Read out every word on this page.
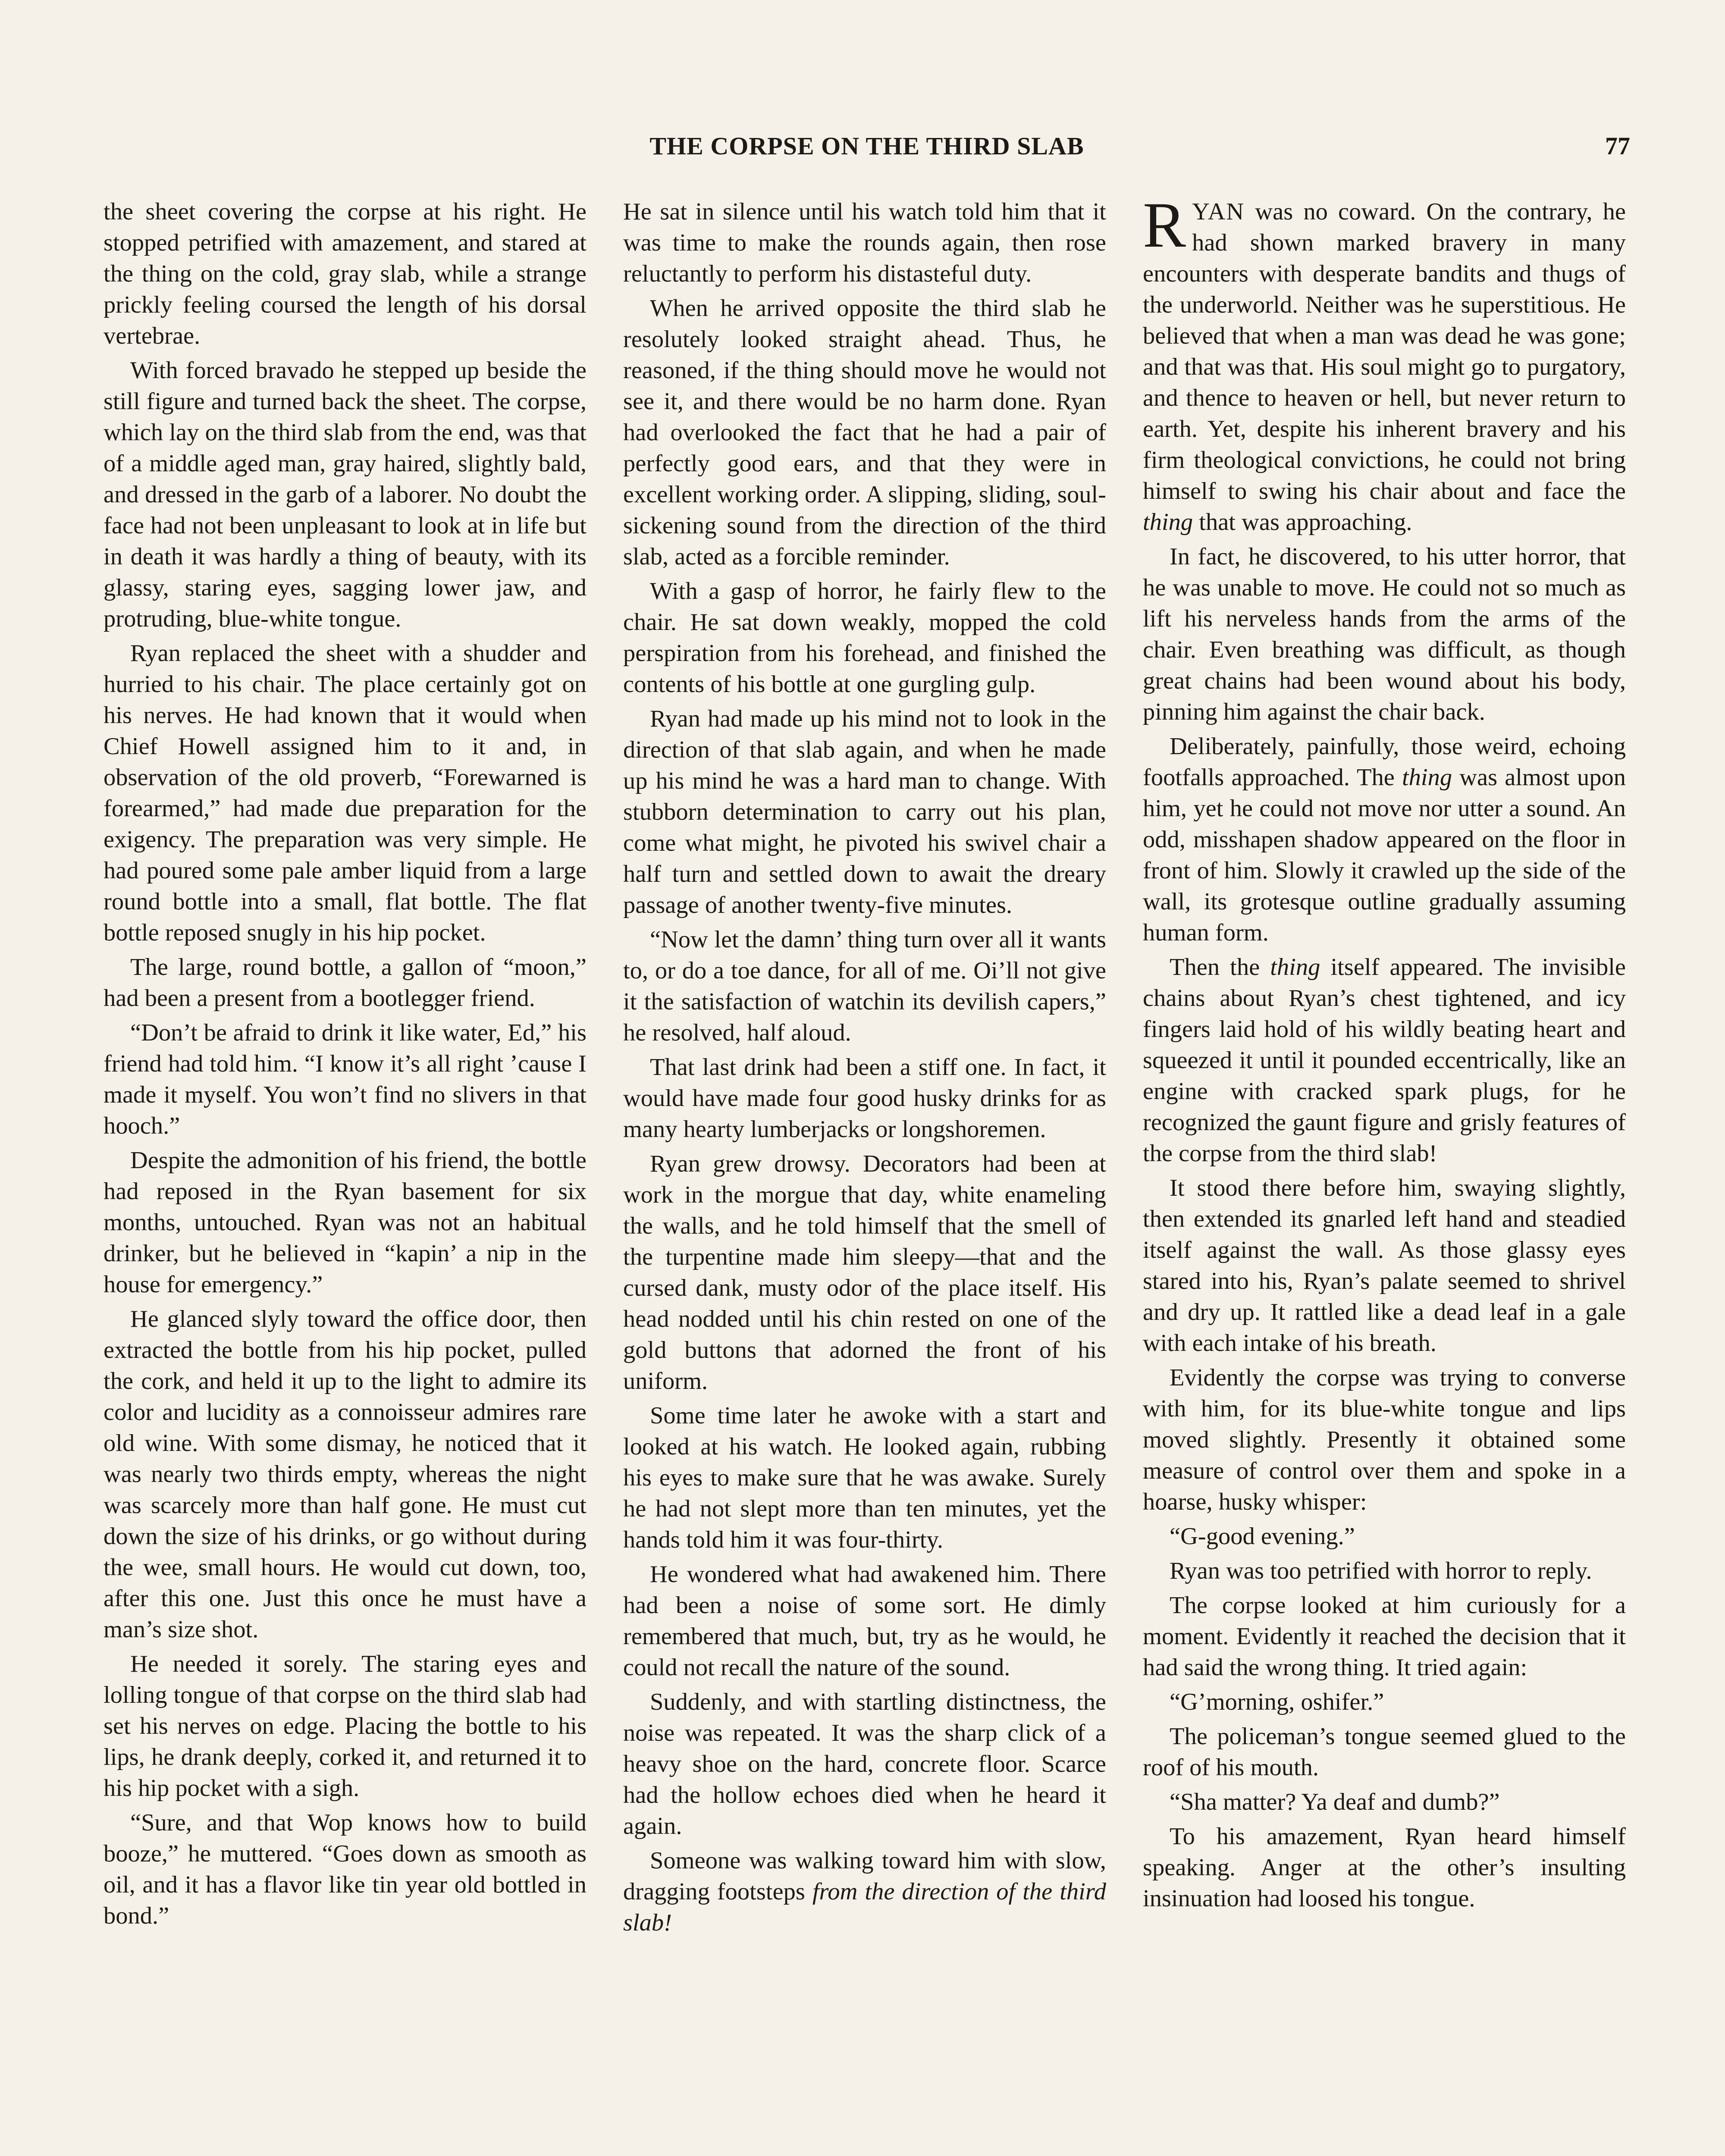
THE CORPSE ON THE THIRD SLAB	77

the sheet covering the corpse at his right. He stopped petrified with amazement, and stared at the thing on the cold, gray slab, while a strange prickly feeling coursed the length of his dorsal vertebrae.

With forced bravado he stepped up beside the still figure and turned back the sheet. The corpse, which lay on the third slab from the end, was that of a middle aged man, gray haired, slightly bald, and dressed in the garb of a laborer. No doubt the face had not been unpleasant to look at in life but in death it was hardly a thing of beauty, with its glassy, staring eyes, sagging lower jaw, and protruding, blue-white tongue.

Ryan replaced the sheet with a shudder and hurried to his chair. The place certainly got on his nerves. He had known that it would when Chief Howell assigned him to it and, in observation of the old proverb, “Forewarned is forearmed,” had made due preparation for the exigency. The preparation was very simple. He had poured some pale amber liquid from a large round bottle into a small, flat bottle. The flat bottle reposed snugly in his hip pocket.

The large, round bottle, a gallon of “moon,” had been a present from a bootlegger friend.

“Don’t be afraid to drink it like water, Ed,” his friend had told him. “I know it’s all right ’cause I made it myself. You won’t find no slivers in that hooch.”

Despite the admonition of his friend, the bottle had reposed in the Ryan basement for six months, untouched. Ryan was not an habitual drinker, but he believed in “kapin’ a nip in the house for emergency.”

He glanced slyly toward the office door, then extracted the bottle from his hip pocket, pulled the cork, and held it up to the light to admire its color and lucidity as a connoisseur admires rare old wine. With some dismay, he noticed that it was nearly two thirds empty, whereas the night was scarcely more than half gone. He must cut down the size of his drinks, or go without during the wee, small hours. He would cut down, too, after this one. Just this once he must have a man’s size shot.

He needed it sorely. The staring eyes and lolling tongue of that corpse on the third slab had set his nerves on edge. Placing the bottle to his lips, he drank deeply, corked it, and returned it to his hip pocket with a sigh.

“Sure, and that Wop knows how to build booze,” he muttered. “Goes down as smooth as oil, and it has a flavor like tin year old bottled in bond.”

He sat in silence until his watch told him that it was time to make the rounds again, then rose reluctantly to perform his distasteful duty.

When he arrived opposite the third slab he resolutely looked straight ahead. Thus, he reasoned, if the thing should move he would not see it, and there would be no harm done. Ryan had overlooked the fact that he had a pair of perfectly good ears, and that they were in excellent working order. A slipping, sliding, soul-sickening sound from the direction of the third slab, acted as a forcible reminder.

With a gasp of horror, he fairly flew to the chair. He sat down weakly, mopped the cold perspiration from his forehead, and finished the contents of his bottle at one gurgling gulp.

Ryan had made up his mind not to look in the direction of that slab again, and when he made up his mind he was a hard man to change. With stubborn determination to carry out his plan, come what might, he pivoted his swivel chair a half turn and settled down to await the dreary passage of another twenty-five minutes.

“Now let the damn’ thing turn over all it wants to, or do a toe dance, for all of me. Oi’ll not give it the satisfaction of watchin its devilish capers,” he resolved, half aloud.

That last drink had been a stiff one. In fact, it would have made four good husky drinks for as many hearty lumberjacks or longshoremen.

Ryan grew drowsy. Decorators had been at work in the morgue that day, white enameling the walls, and he told himself that the smell of the turpentine made him sleepy—that and the cursed dank, musty odor of the place itself. His head nodded until his chin rested on one of the gold buttons that adorned the front of his uniform.

Some time later he awoke with a start and looked at his watch. He looked again, rubbing his eyes to make sure that he was awake. Surely he had not slept more than ten minutes, yet the hands told him it was four-thirty.

He wondered what had awakened him. There had been a noise of some sort. He dimly remembered that much, but, try as he would, he could not recall the nature of the sound.

Suddenly, and with startling distinctness, the noise was repeated. It was the sharp click of a heavy shoe on the hard, concrete floor. Scarce had the hollow echoes died when he heard it again.

Someone was walking toward him with slow, dragging footsteps from the direction of the third slab!

RYAN was no coward. On the contrary, he had shown marked bravery in many encounters with desperate bandits and thugs of the underworld. Neither was he superstitious. He believed that when a man was dead he was gone; and that was that. His soul might go to purgatory, and thence to heaven or hell, but never return to earth. Yet, despite his inherent bravery and his firm theological convictions, he could not bring himself to swing his chair about and face the thing that was approaching.

In fact, he discovered, to his utter horror, that he was unable to move. He could not so much as lift his nerveless hands from the arms of the chair. Even breathing was difficult, as though great chains had been wound about his body, pinning him against the chair back.

Deliberately, painfully, those weird, echoing footfalls approached. The thing was almost upon him, yet he could not move nor utter a sound. An odd, misshapen shadow appeared on the floor in front of him. Slowly it crawled up the side of the wall, its grotesque outline gradually assuming human form.

Then the thing itself appeared. The invisible chains about Ryan’s chest tightened, and icy fingers laid hold of his wildly beating heart and squeezed it until it pounded eccentrically, like an engine with cracked spark plugs, for he recognized the gaunt figure and grisly features of the corpse from the third slab!

It stood there before him, swaying slightly, then extended its gnarled left hand and steadied itself against the wall. As those glassy eyes stared into his, Ryan’s palate seemed to shrivel and dry up. It rattled like a dead leaf in a gale with each intake of his breath.

Evidently the corpse was trying to converse with him, for its blue-white tongue and lips moved slightly. Presently it obtained some measure of control over them and spoke in a hoarse, husky whisper:

“G-good evening.”

Ryan was too petrified with horror to reply.

The corpse looked at him curiously for a moment. Evidently it reached the decision that it had said the wrong thing. It tried again:

“G’morning, oshifer.”

The policeman’s tongue seemed glued to the roof of his mouth.

“Sha matter? Ya deaf and dumb?”

To his amazement, Ryan heard himself speaking. Anger at the other’s insulting insinuation had loosed his tongue.
